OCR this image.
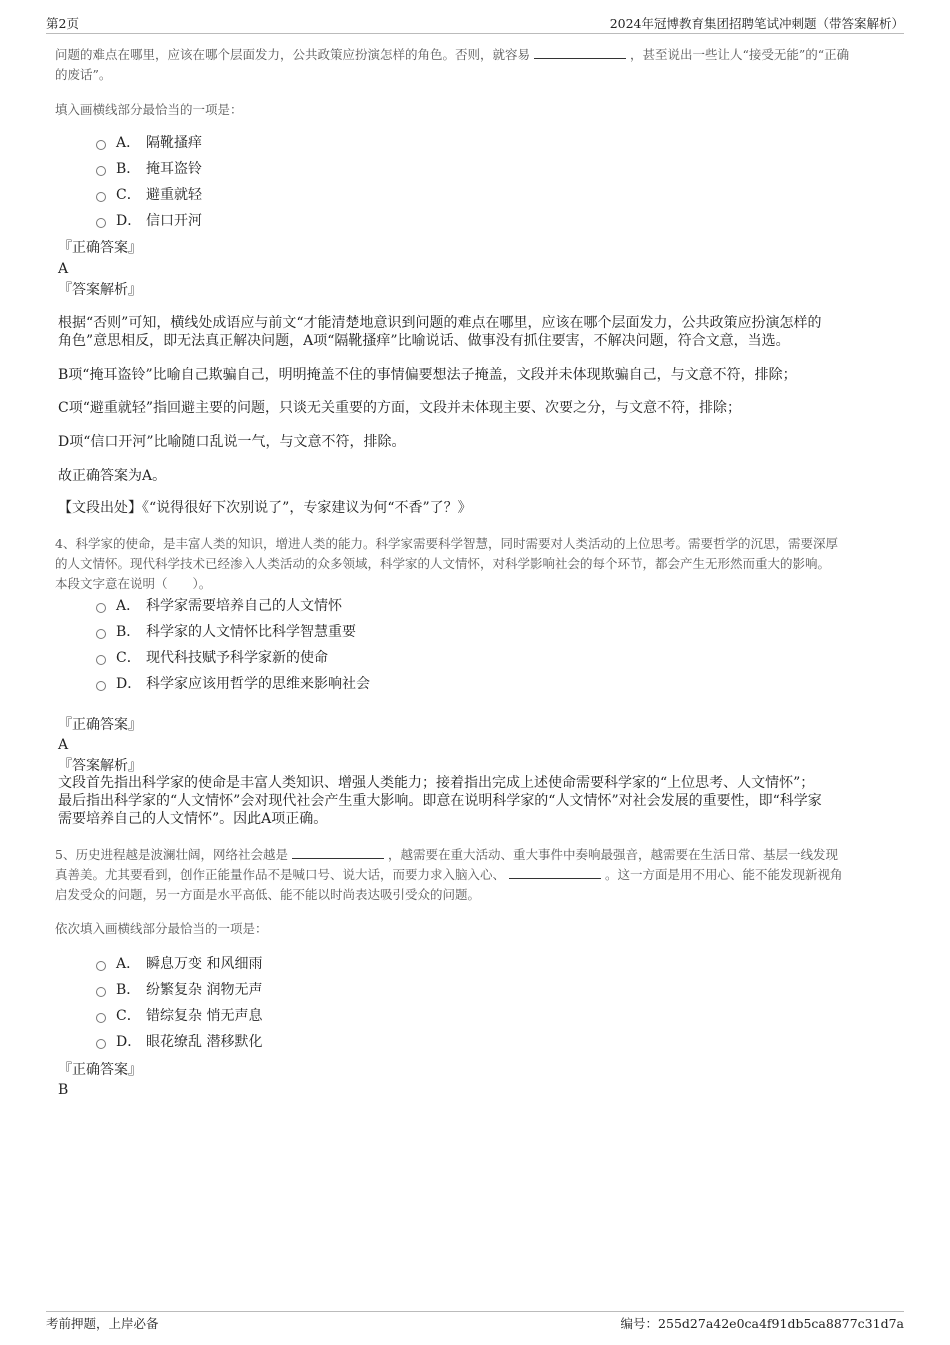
第2页	2024年冠博教育集团招聘笔试冲刺题（带答案解析）
问题的难点在哪里，应该在哪个层面发力，公共政策应扮演怎样的角色。否则，就容易	，甚至说出一些让人“接受无能”的“正确
的废话”。
填入画横线部分最恰当的一项是：
A． 隔靴搔痒
B． 掩耳盗铃
C． 避重就轻
D． 信口开河
『正确答案』
A
『答案解析』
根据“否则”可知，横线处成语应与前文“才能清楚地意识到问题的难点在哪里，应该在哪个层面发力，公共政策应扮演怎样的
角色”意思相反，即无法真正解决问题，A项“隔靴搔痒”比喻说话、做事没有抓住要害，不解决问题，符合文意，当选。
B项“掩耳盗铃”比喻自己欺骗自己，明明掩盖不住的事情偏要想法子掩盖，文段并未体现欺骗自己，与文意不符，排除；
C项“避重就轻”指回避主要的问题，只谈无关重要的方面，文段并未体现主要、次要之分，与文意不符，排除；
D项“信口开河”比喻随口乱说一气，与文意不符，排除。
故正确答案为A。
【文段出处】《“说得很好下次别说了”，专家建议为何“不香”了？》
4、科学家的使命，是丰富人类的知识，增进人类的能力。科学家需要科学智慧，同时需要对人类活动的上位思考。需要哲学的沉思，需要深厚
的人文情怀。现代科学技术已经渗入人类活动的众多领域，科学家的人文情怀，对科学影响社会的每个环节，都会产生无形然而重大的影响。
本段文字意在说明（　　）。
A． 科学家需要培养自己的人文情怀
B． 科学家的人文情怀比科学智慧重要
C． 现代科技赋予科学家新的使命
D． 科学家应该用哲学的思维来影响社会
『正确答案』
A
『答案解析』
文段首先指出科学家的使命是丰富人类知识、增强人类能力；接着指出完成上述使命需要科学家的“上位思考、人文情怀”；
最后指出科学家的“人文情怀”会对现代社会产生重大影响。即意在说明科学家的“人文情怀”对社会发展的重要性，即“科学家
需要培养自己的人文情怀”。因此A项正确。
5、历史进程越是波澜壮阔，网络社会越是	，越需要在重大活动、重大事件中奏响最强音，越需要在生活日常、基层一线发现
真善美。尤其要看到，创作正能量作品不是喊口号、说大话，而要力求入脑入心、	。这一方面是用不用心、能不能发现新视角
启发受众的问题，另一方面是水平高低、能不能以时尚表达吸引受众的问题。
依次填入画横线部分最恰当的一项是：
A． 瞬息万变 和风细雨
B． 纷繁复杂 润物无声
C． 错综复杂 悄无声息
D． 眼花缭乱 潜移默化
『正确答案』
B
考前押题，上岸必备	编号：255d27a42e0ca4f91db5ca8877c31d7a
